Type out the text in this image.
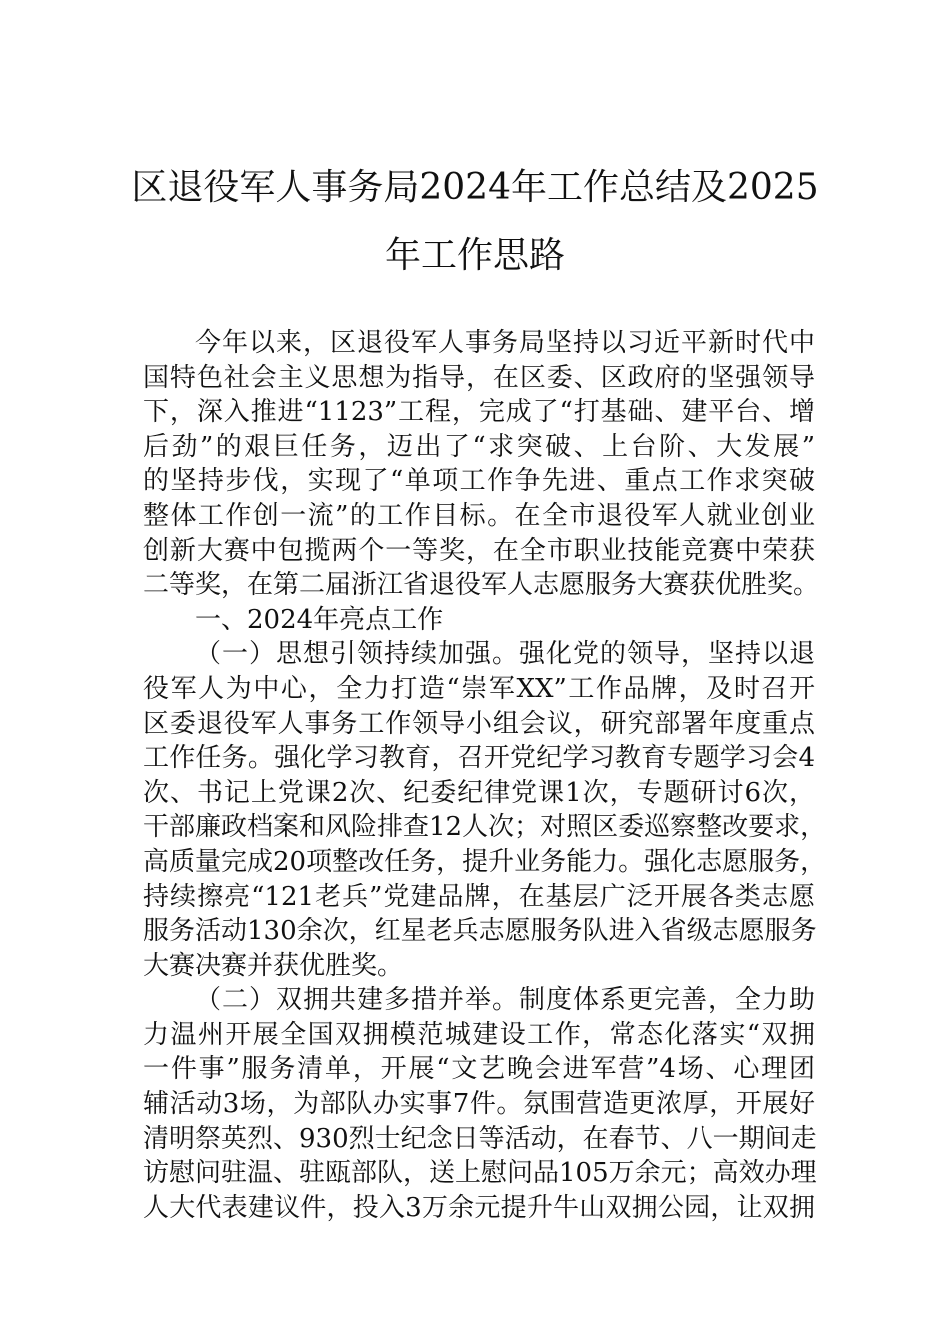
区退役军人事务局2024年工作总结及2025
年工作思路
今年以来，区退役军人事务局坚持以习近平新时代中
国特色社会主义思想为指导，在区委、区政府的坚强领导
下，深入推进“1123”工程，完成了“打基础、建平台、增
后劲”的艰巨任务，迈出了“求突破、上台阶、大发展”
的坚持步伐，实现了“单项工作争先进、重点工作求突破
整体工作创一流”的工作目标。在全市退役军人就业创业
创新大赛中包揽两个一等奖，在全市职业技能竞赛中荣获
二等奖，在第二届浙江省退役军人志愿服务大赛获优胜奖。
一、2024年亮点工作
（一）思想引领持续加强。强化党的领导，坚持以退
役军人为中心，全力打造“崇军XX”工作品牌，及时召开
区委退役军人事务工作领导小组会议，研究部署年度重点
工作任务。强化学习教育，召开党纪学习教育专题学习会4
次、书记上党课2次、纪委纪律党课1次，专题研讨6次，
干部廉政档案和风险排查12人次；对照区委巡察整改要求，
高质量完成20项整改任务，提升业务能力。强化志愿服务，
持续擦亮“121老兵”党建品牌，在基层广泛开展各类志愿
服务活动130余次，红星老兵志愿服务队进入省级志愿服务
大赛决赛并获优胜奖。
（二）双拥共建多措并举。制度体系更完善，全力助
力温州开展全国双拥模范城建设工作，常态化落实“双拥
一件事”服务清单，开展“文艺晚会进军营”4场、心理团
辅活动3场，为部队办实事7件。氛围营造更浓厚，开展好
清明祭英烈、930烈士纪念日等活动，在春节、八一期间走
访慰问驻温、驻瓯部队，送上慰问品105万余元；高效办理
人大代表建议件，投入3万余元提升牛山双拥公园，让双拥
